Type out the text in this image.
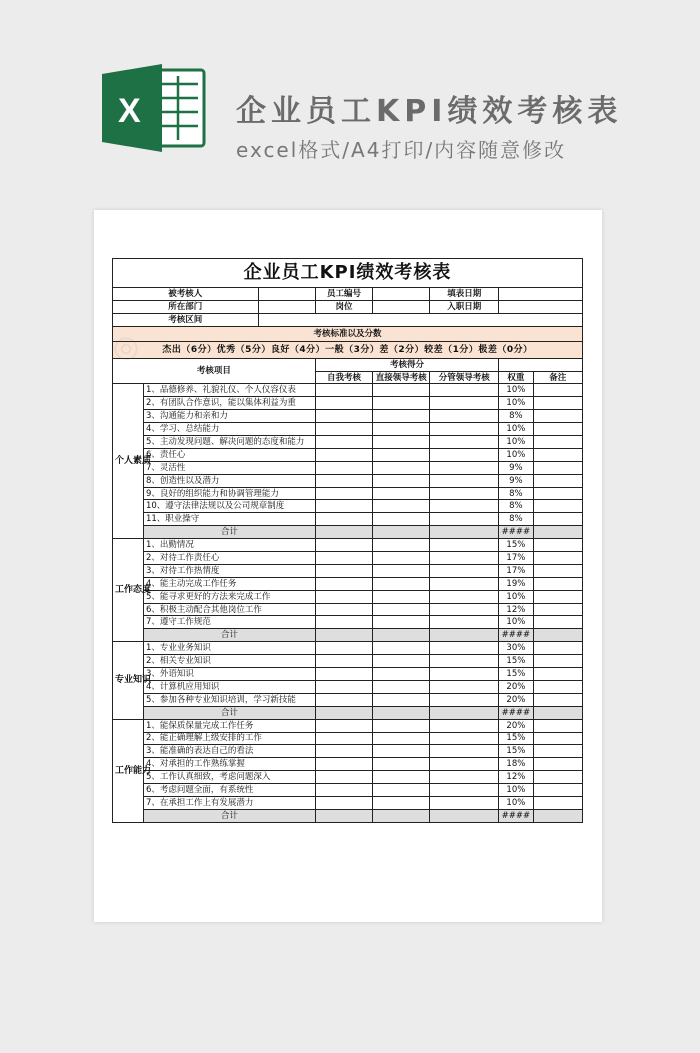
X	企业员工KPI绩效考核表
excel格式/A4打印/内容随意修改
企业员工KPI绩效考核表							
被考核人			员工编号		填表日期		
所在部门			岗位		入职日期		
考核区间							
考核标准以及分数							
杰出（6分）优秀（5分）良好（4分）一般（3分）差（2分）较差（1分）极差（0分）							
考核项目			考核得分				
			自我考核	直接领导考核	分管领导考核	权重	备注
个人素质	1、品德修养、礼貌礼仪、个人仪容仪表					10%	
	2、有团队合作意识，能以集体利益为重					10%	
	3、沟通能力和亲和力					8%	
	4、学习、总结能力					10%	
	5、主动发现问题、解决问题的态度和能力					10%	
	6、责任心					10%	
	7、灵活性					9%	
	8、创造性以及潜力					9%	
	9、良好的组织能力和协调管理能力					8%	
	10、遵守法律法规以及公司规章制度					8%	
	11、职业操守					8%	
	合计					####	
工作态度	1、出勤情况					15%	
	2、对待工作责任心					17%	
	3、对待工作热情度					17%	
	4、能主动完成工作任务					19%	
	5、能寻求更好的方法来完成工作					10%	
	6、积极主动配合其他岗位工作					12%	
	7、遵守工作规范					10%	
	合计					####	
专业知识	1、专业业务知识					30%	
	2、相关专业知识					15%	
	3、外语知识					15%	
	4、计算机应用知识					20%	
	5、参加各种专业知识培训，学习新技能					20%	
	合计					####	
工作能力	1、能保质保量完成工作任务					20%	
	2、能正确理解上级安排的工作					15%	
	3、能准确的表达自己的看法					15%	
	4、对承担的工作熟练掌握					18%	
	5、工作认真细致，考虑问题深入					12%	
	6、考虑问题全面，有系统性					10%	
	7、在承担工作上有发展潜力					10%	
	合计					####	
